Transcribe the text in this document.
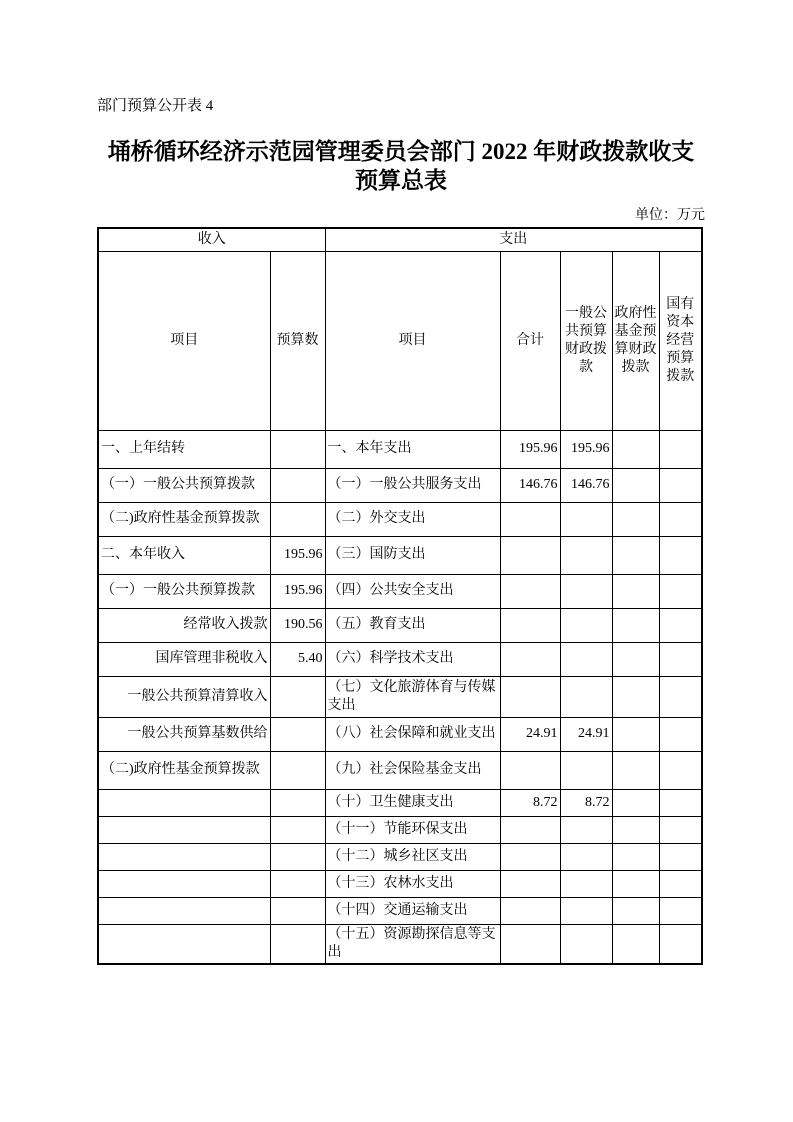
部门预算公开表 4
埇桥循环经济示范园管理委员会部门 2022 年财政拨款收支
预算总表
单位：万元
收入		支出				
项目	预算数	项目	合计	一般公共预算财政拨款	政府性基金预算财政拨款	国有资本经营预算拨款
一、上年结转		一、本年支出	195.96	195.96		
（一）一般公共预算拨款		（一）一般公共服务支出	146.76	146.76		
（二)政府性基金预算拨款		（二）外交支出				
二、本年收入	195.96	（三）国防支出				
（一）一般公共预算拨款	195.96	（四）公共安全支出				
经常收入拨款	190.56	（五）教育支出				
国库管理非税收入	5.40	（六）科学技术支出				
一般公共预算清算收入		（七）文化旅游体育与传媒支出				
一般公共预算基数供给		（八）社会保障和就业支出	24.91	24.91		
（二)政府性基金预算拨款		（九）社会保险基金支出				
		（十）卫生健康支出	8.72	8.72		
		（十一）节能环保支出				
		（十二）城乡社区支出				
		（十三）农林水支出				
		（十四）交通运输支出				
		（十五）资源勘探信息等支出				
